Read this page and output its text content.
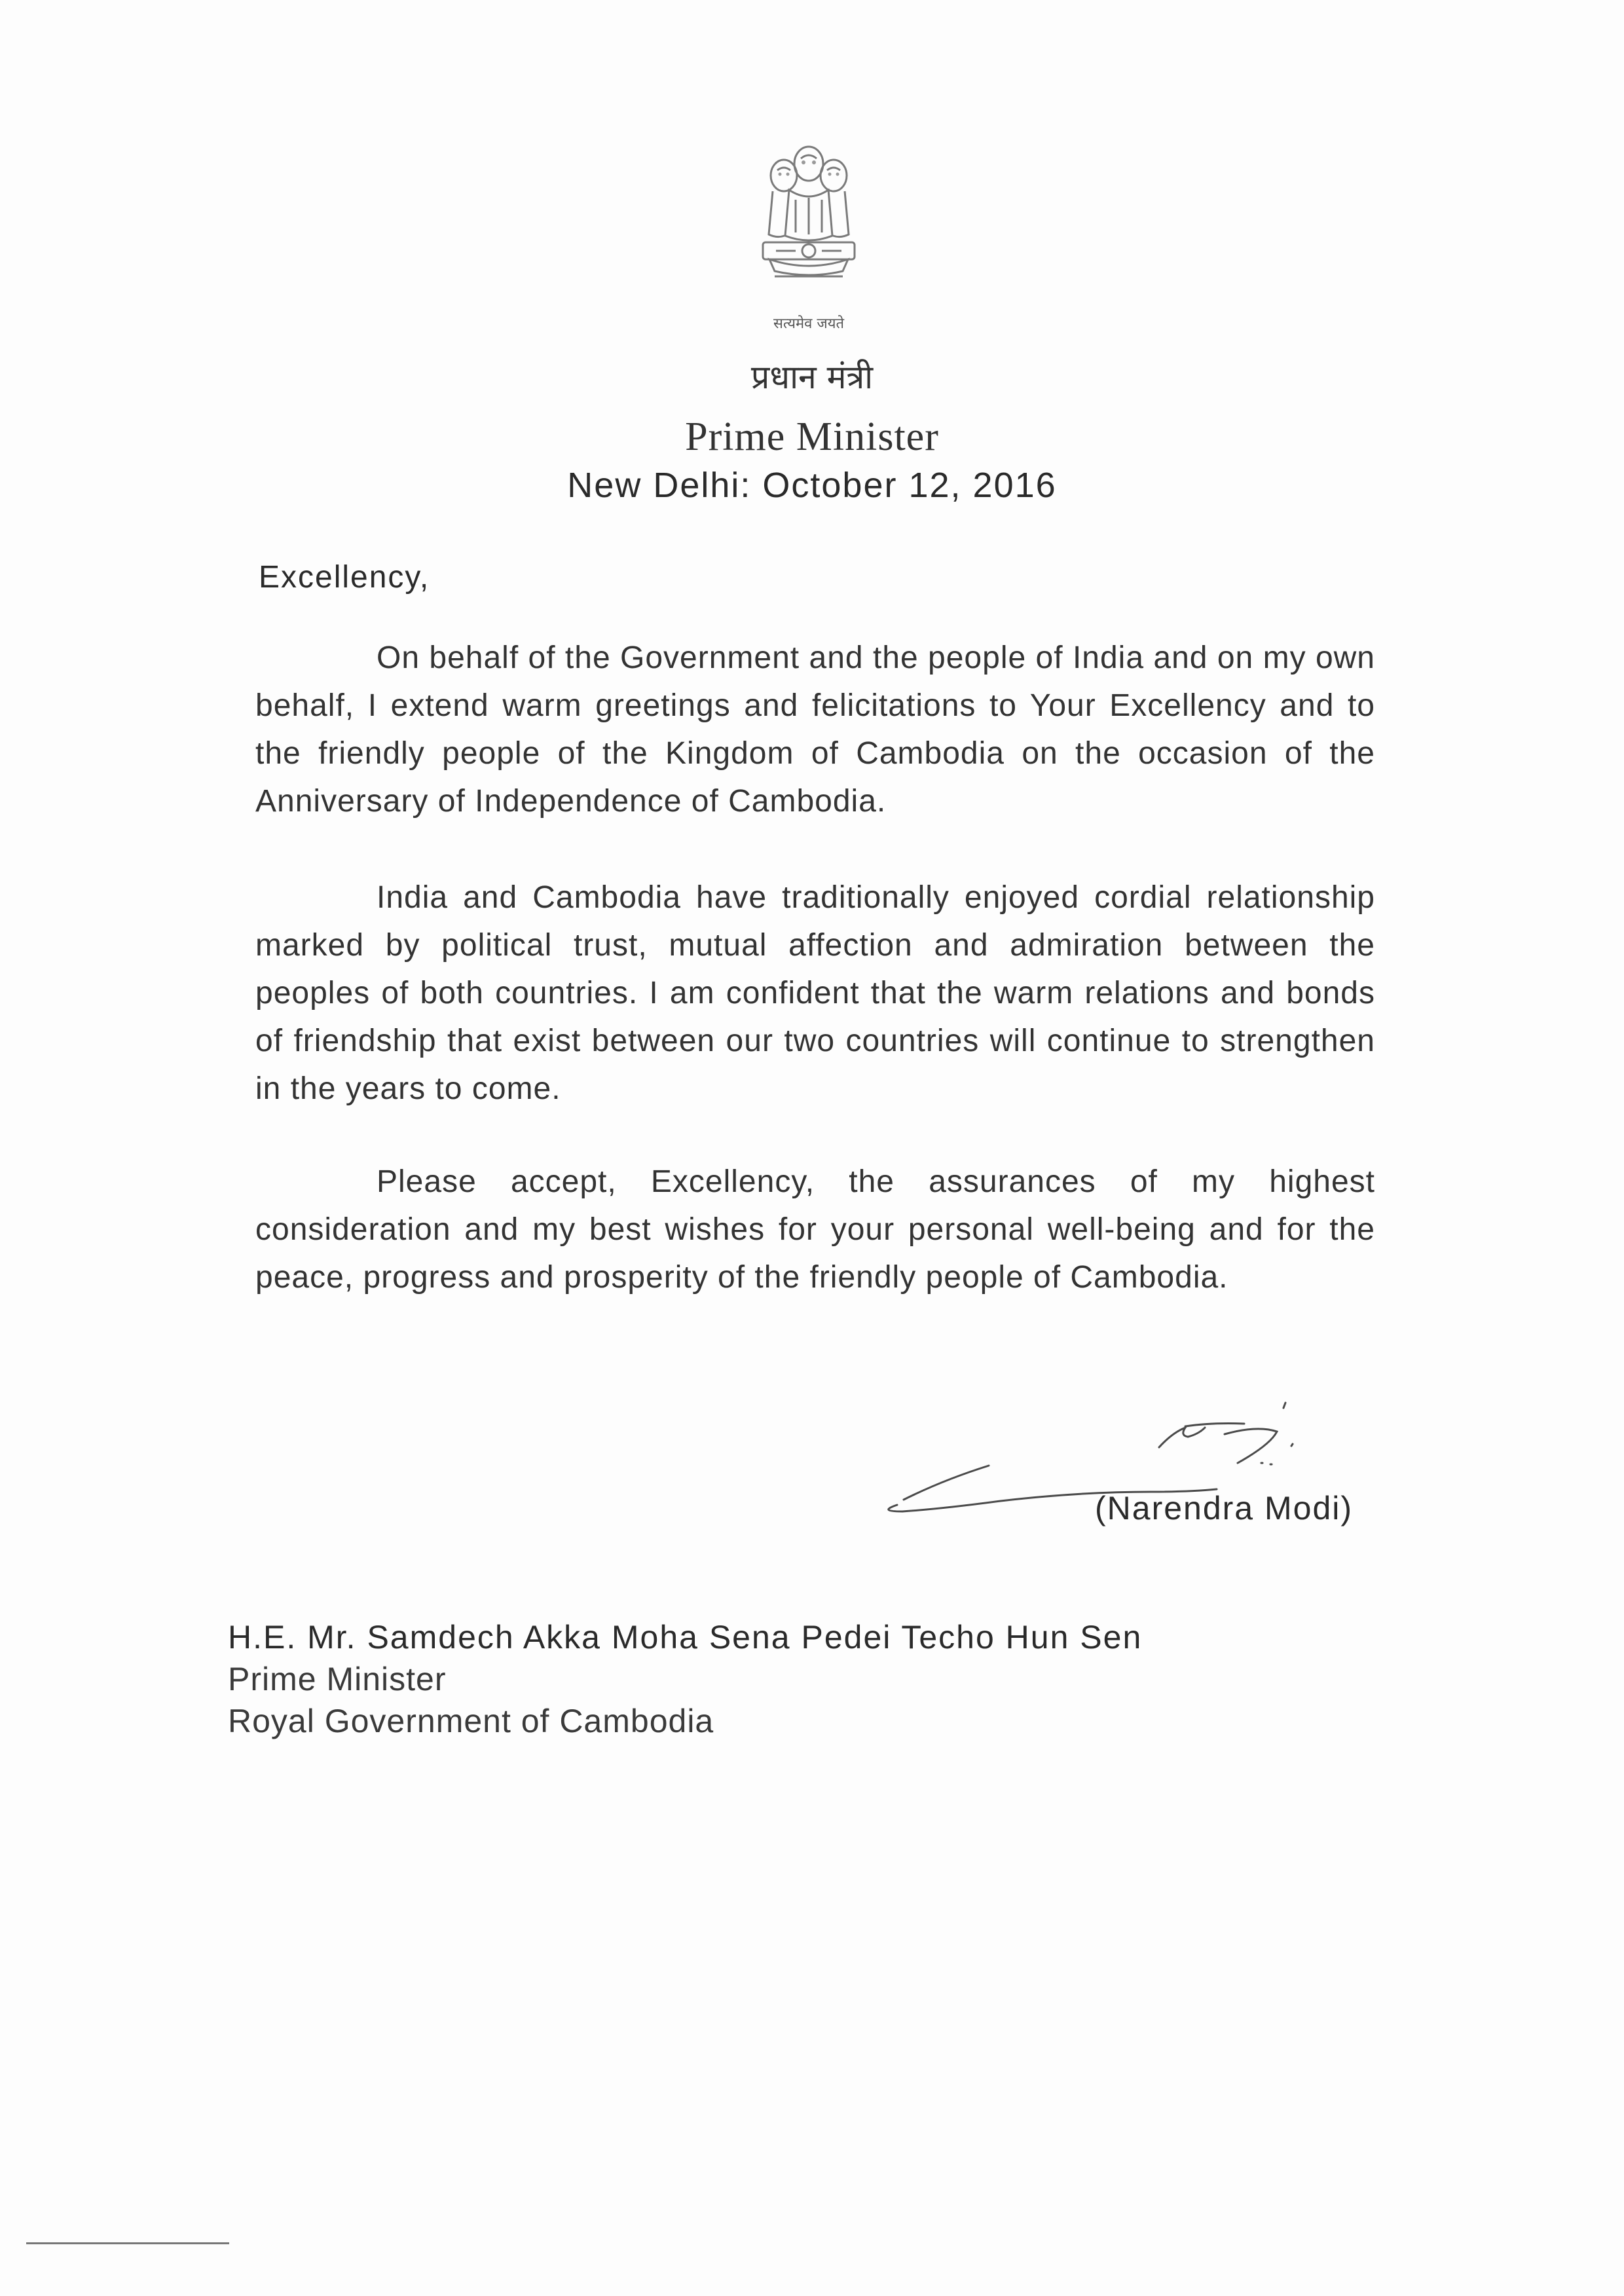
सत्यमेव जयते
प्रधान मंत्री
Prime Minister
New Delhi: October 12, 2016
Excellency,

On behalf of the Government and the people of India and on my own behalf, I extend warm greetings and felicitations to Your Excellency and to the friendly people of the Kingdom of Cambodia on the occasion of the Anniversary of Independence of Cambodia.

India and Cambodia have traditionally enjoyed cordial relationship marked by political trust, mutual affection and admiration between the peoples of both countries. I am confident that the warm relations and bonds of friendship that exist between our two countries will continue to strengthen in the years to come.

Please accept, Excellency, the assurances of my highest consideration and my best wishes for your personal well-being and for the peace, progress and prosperity of the friendly people of Cambodia.

(Narendra Modi)
H.E. Mr. Samdech Akka Moha Sena Pedei Techo Hun Sen
Prime Minister
Royal Government of Cambodia
